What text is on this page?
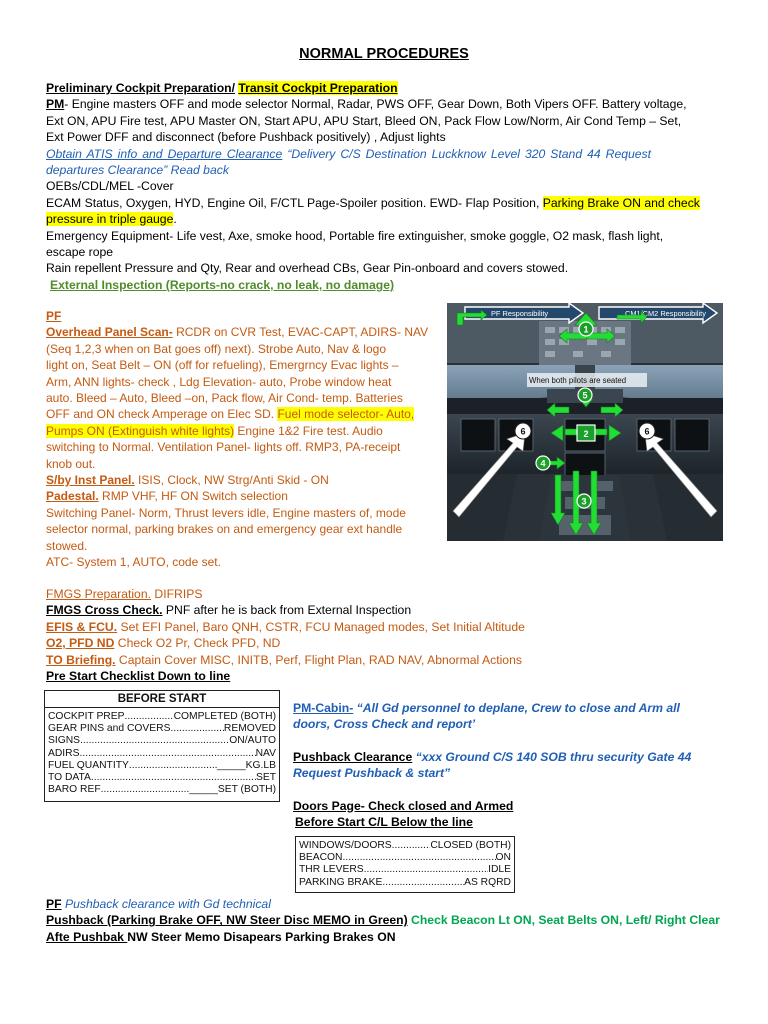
NORMAL PROCEDURES
Preliminary Cockpit Preparation/ Transit Cockpit Preparation
PM- Engine masters OFF and mode selector Normal, Radar, PWS OFF, Gear Down, Both Vipers OFF. Battery voltage,
Ext ON, APU Fire test, APU Master ON, Start APU, APU Start, Bleed ON, Pack Flow Low/Norm, Air Cond Temp – Set,
Ext Power DFF and disconnect (before Pushback positively) , Adjust lights
Obtain ATIS info and Departure Clearance “Delivery C/S Destination Luckknow Level 320 Stand 44 Request
departures Clearance” Read back
OEBs/CDL/MEL -Cover
ECAM Status, Oxygen, HYD, Engine Oil, F/CTL Page-Spoiler position. EWD- Flap Position, Parking Brake ON and check
pressure in triple gauge.
Emergency Equipment- Life vest, Axe, smoke hood, Portable fire extinguisher, smoke goggle, O2 mask, flash light,
escape rope
Rain repellent Pressure and Qty, Rear and overhead CBs, Gear Pin-onboard and covers stowed.
External Inspection (Reports-no crack, no leak, no damage)
PF
Overhead Panel Scan- RCDR on CVR Test, EVAC-CAPT, ADIRS- NAV
(Seq 1,2,3 when on Bat goes off) next). Strobe Auto, Nav & logo
light on, Seat Belt – ON (off for refueling), Emergrncy Evac lights –
Arm, ANN lights- check , Ldg Elevation- auto, Probe window heat
auto. Bleed – Auto, Bleed –on, Pack flow, Air Cond- temp. Batteries
OFF and ON check Amperage on Elec SD. Fuel mode selector- Auto,
Pumps ON (Extinguish white lights) Engine 1&2 Fire test. Audio
switching to Normal. Ventilation Panel- lights off. RMP3, PA-receipt
knob out.
S/by Inst Panel. ISIS, Clock, NW Strg/Anti Skid - ON
Padestal. RMP VHF, HF ON Switch selection
Switching Panel- Norm, Thrust levers idle, Engine masters of, mode
selector normal, parking brakes on and emergency gear ext handle
stowed.
ATC- System 1, AUTO, code set.
PF Responsibility	CM1/CM2 Responsibility
When both pilots are seated
1
2
3
4
5
6	6
FMGS Preparation. DIFRIPS
FMGS Cross Check. PNF after he is back from External Inspection
EFIS & FCU. Set EFI Panel, Baro QNH, CSTR, FCU Managed modes, Set Initial Altitude
O2, PFD ND Check O2 Pr, Check PFD, ND
TO Briefing. Captain Cover MISC, INITB, Perf, Flight Plan, RAD NAV, Abnormal Actions
Pre Start Checklist Down to line
BEFORE START
COCKPIT PREP .....	COMPLETED (BOTH)
GEAR PINS and COVERS .....	REMOVED
SIGNS .....	ON/AUTO
ADIRS .....	NAV
FUEL QUANTITY .....	_____KG.LB
TO DATA .....	SET
BARO REF .....	_____SET (BOTH)
PM-Cabin- “All Gd personnel to deplane, Crew to close and Arm all
doors, Cross Check and report’
Pushback Clearance “xxx Ground C/S 140 SOB thru security Gate 44
Request Pushback & start”
Doors Page- Check closed and Armed
Before Start C/L Below the line
WINDOWS/DOORS .....	CLOSED (BOTH)
BEACON .....	ON
THR LEVERS .....	IDLE
PARKING BRAKE .....	AS RQRD
PF Pushback clearance with Gd technical
Pushback (Parking Brake OFF, NW Steer Disc MEMO in Green) Check Beacon Lt ON, Seat Belts ON, Left/ Right Clear
Afte Pushbak NW Steer Memo Disapears Parking Brakes ON
